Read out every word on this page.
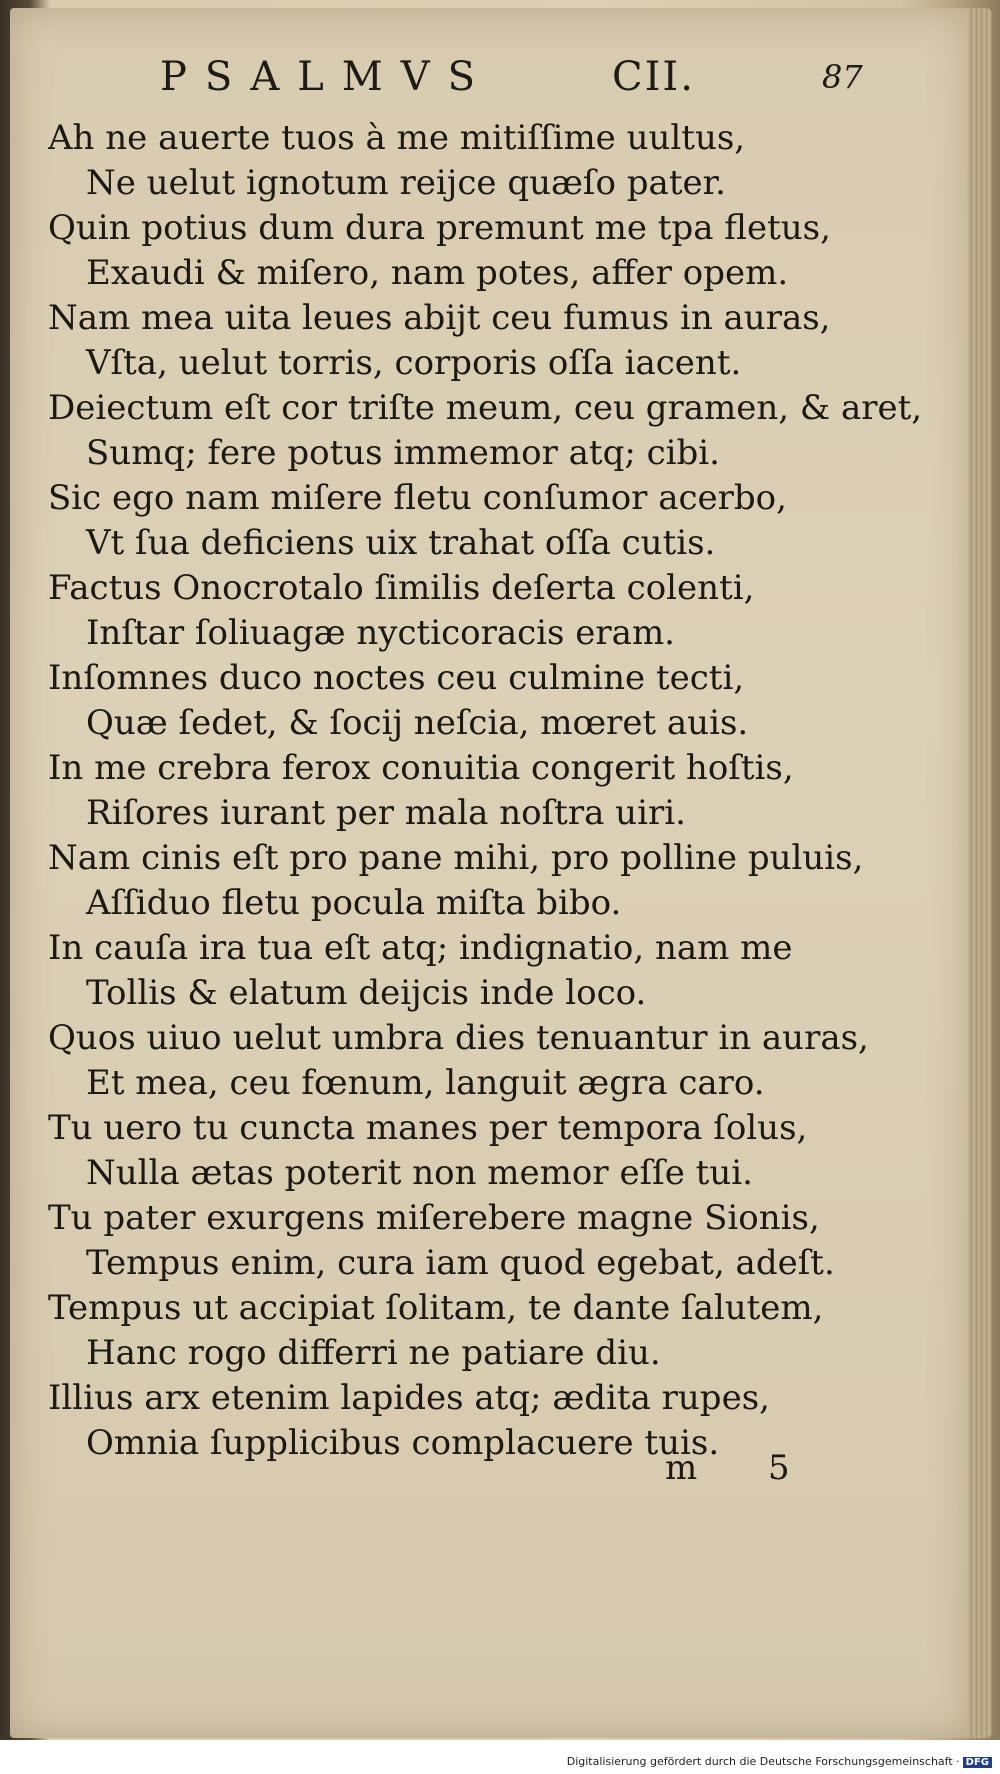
PSALMVS	CII.	87
Ah ne auerte tuos à me mitiſſime uultus,
Ne uelut ignotum reijce quæſo pater.
Quin potius dum dura premunt me tpa fletus,
Exaudi & miſero, nam potes, affer opem.
Nam mea uita leues abijt ceu fumus in auras,
Vſta, uelut torris, corporis oſſa iacent.
Deiectum eſt cor triſte meum, ceu gramen, & aret,
Sumq; fere potus immemor atq; cibi.
Sic ego nam miſere fletu conſumor acerbo,
Vt ſua deficiens uix trahat oſſa cutis.
Factus Onocrotalo ſimilis deſerta colenti,
Inſtar ſoliuagæ nycticoracis eram.
Inſomnes duco noctes ceu culmine tecti,
Quæ ſedet, & ſocij neſcia, mœret auis.
In me crebra ferox conuitia congerit hoſtis,
Riſores iurant per mala noſtra uiri.
Nam cinis eſt pro pane mihi, pro polline puluis,
Aſſiduo fletu pocula miſta bibo.
In cauſa ira tua eſt atq; indignatio, nam me
Tollis & elatum deijcis inde loco.
Quos uiuo uelut umbra dies tenuantur in auras,
Et mea, ceu fœnum, languit ægra caro.
Tu uero tu cuncta manes per tempora ſolus,
Nulla ætas poterit non memor eſſe tui.
Tu pater exurgens miſerebere magne Sionis,
Tempus enim, cura iam quod egebat, adeſt.
Tempus ut accipiat ſolitam, te dante ſalutem,
Hanc rogo differri ne patiare diu.
Illius arx etenim lapides atq; ædita rupes,
Omnia ſupplicibus complacuere tuis.
m 5
Digitalisierung gefördert durch die Deutsche Forschungsgemeinschaft · DFG
